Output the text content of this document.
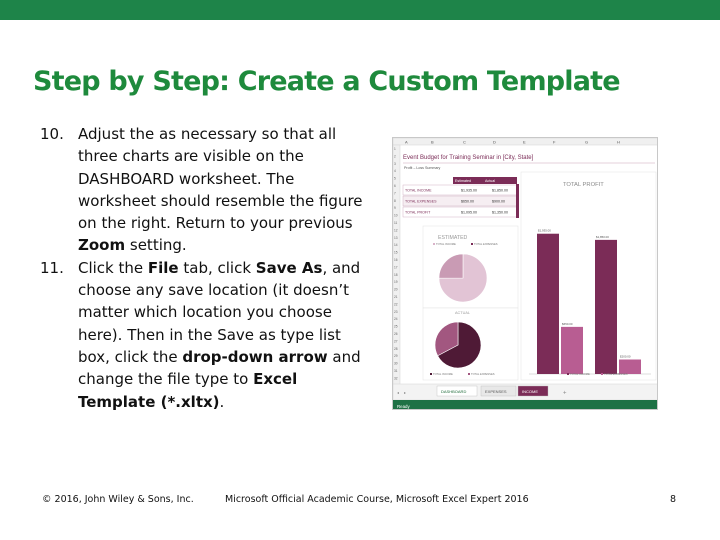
Step by Step: Create a Custom Template
10. Adjust the as necessary so that all three charts are visible on the DASHBOARD worksheet. The worksheet should resemble the figure on the right. Return to your previous Zoom setting.
11. Click the File tab, click Save As, and choose any save location (it doesn’t matter which location you choose here). Then in the Save as type list box, click the drop-down arrow and change the file type to Excel Template (*.xltx).
A	B	C	D	E	F	G	H
1
2
3
4
5
6
7
8
9
10
11
12
13
14
15
16
17
18
19
20
21
22
23
24
25
26
27
28
29
30
31
32
Event Budget for Training Seminar in [City, State]
Profit – Loss Summary
Estimated	Actual
TOTAL INCOME	$1,935.00	$1,850.00
TOTAL EXPENSES	$650.00	$900.00
TOTAL PROFIT	$1,095.00	$1,350.00
ESTIMATED
TOTAL INCOME	TOTAL EXPENSES
ACTUAL
TOTAL INCOME	TOTAL EXPENSES
TOTAL PROFIT
$1,935.00
$650.00
$1,850.00
$200.00
TOTAL INCOME	TOTAL EXPENSES
◂ ▸	DASHBOARD	EXPENSES	INCOME	+
Ready
© 2016, John Wiley & Sons, Inc.	Microsoft Official Academic Course, Microsoft Excel Expert 2016	8
